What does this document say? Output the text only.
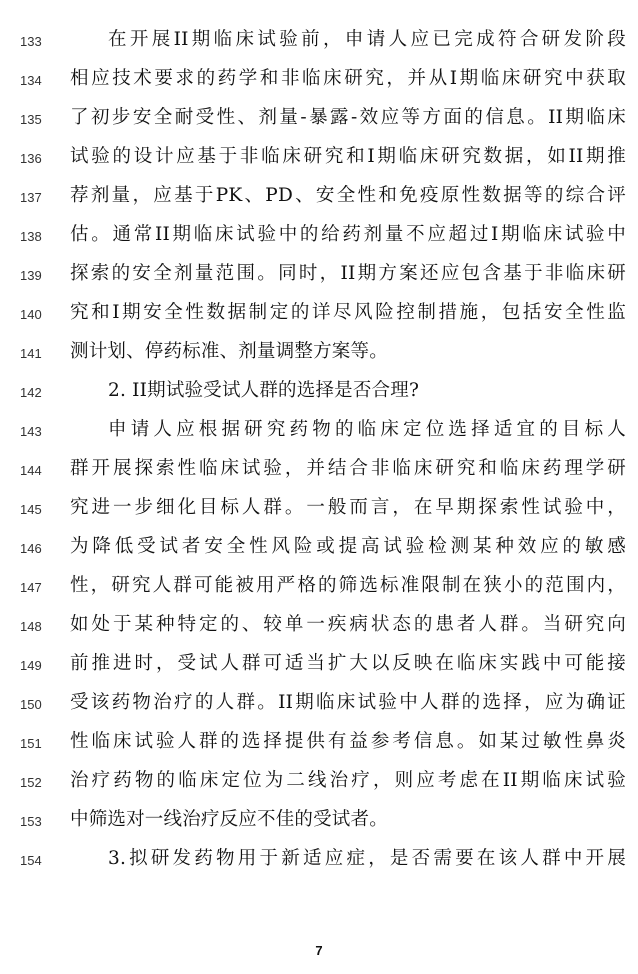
133	在开展II期临床试验前，申请人应已完成符合研发阶段
134	相应技术要求的药学和非临床研究，并从I期临床研究中获取
135	了初步安全耐受性、剂量-暴露-效应等方面的信息。II期临床
136	试验的设计应基于非临床研究和I期临床研究数据，如II期推
137	荐剂量，应基于PK、PD、安全性和免疫原性数据等的综合评
138	估。通常II期临床试验中的给药剂量不应超过I期临床试验中
139	探索的安全剂量范围。同时，II期方案还应包含基于非临床研
140	究和I期安全性数据制定的详尽风险控制措施，包括安全性监
141	测计划、停药标准、剂量调整方案等。
142	2. II期试验受试人群的选择是否合理?
143	申请人应根据研究药物的临床定位选择适宜的目标人
144	群开展探索性临床试验，并结合非临床研究和临床药理学研
145	究进一步细化目标人群。一般而言，在早期探索性试验中，
146	为降低受试者安全性风险或提高试验检测某种效应的敏感
147	性，研究人群可能被用严格的筛选标准限制在狭小的范围内，
148	如处于某种特定的、较单一疾病状态的患者人群。当研究向
149	前推进时，受试人群可适当扩大以反映在临床实践中可能接
150	受该药物治疗的人群。II期临床试验中人群的选择，应为确证
151	性临床试验人群的选择提供有益参考信息。如某过敏性鼻炎
152	治疗药物的临床定位为二线治疗，则应考虑在II期临床试验
153	中筛选对一线治疗反应不佳的受试者。
154	3.拟研发药物用于新适应症，是否需要在该人群中开展
7
